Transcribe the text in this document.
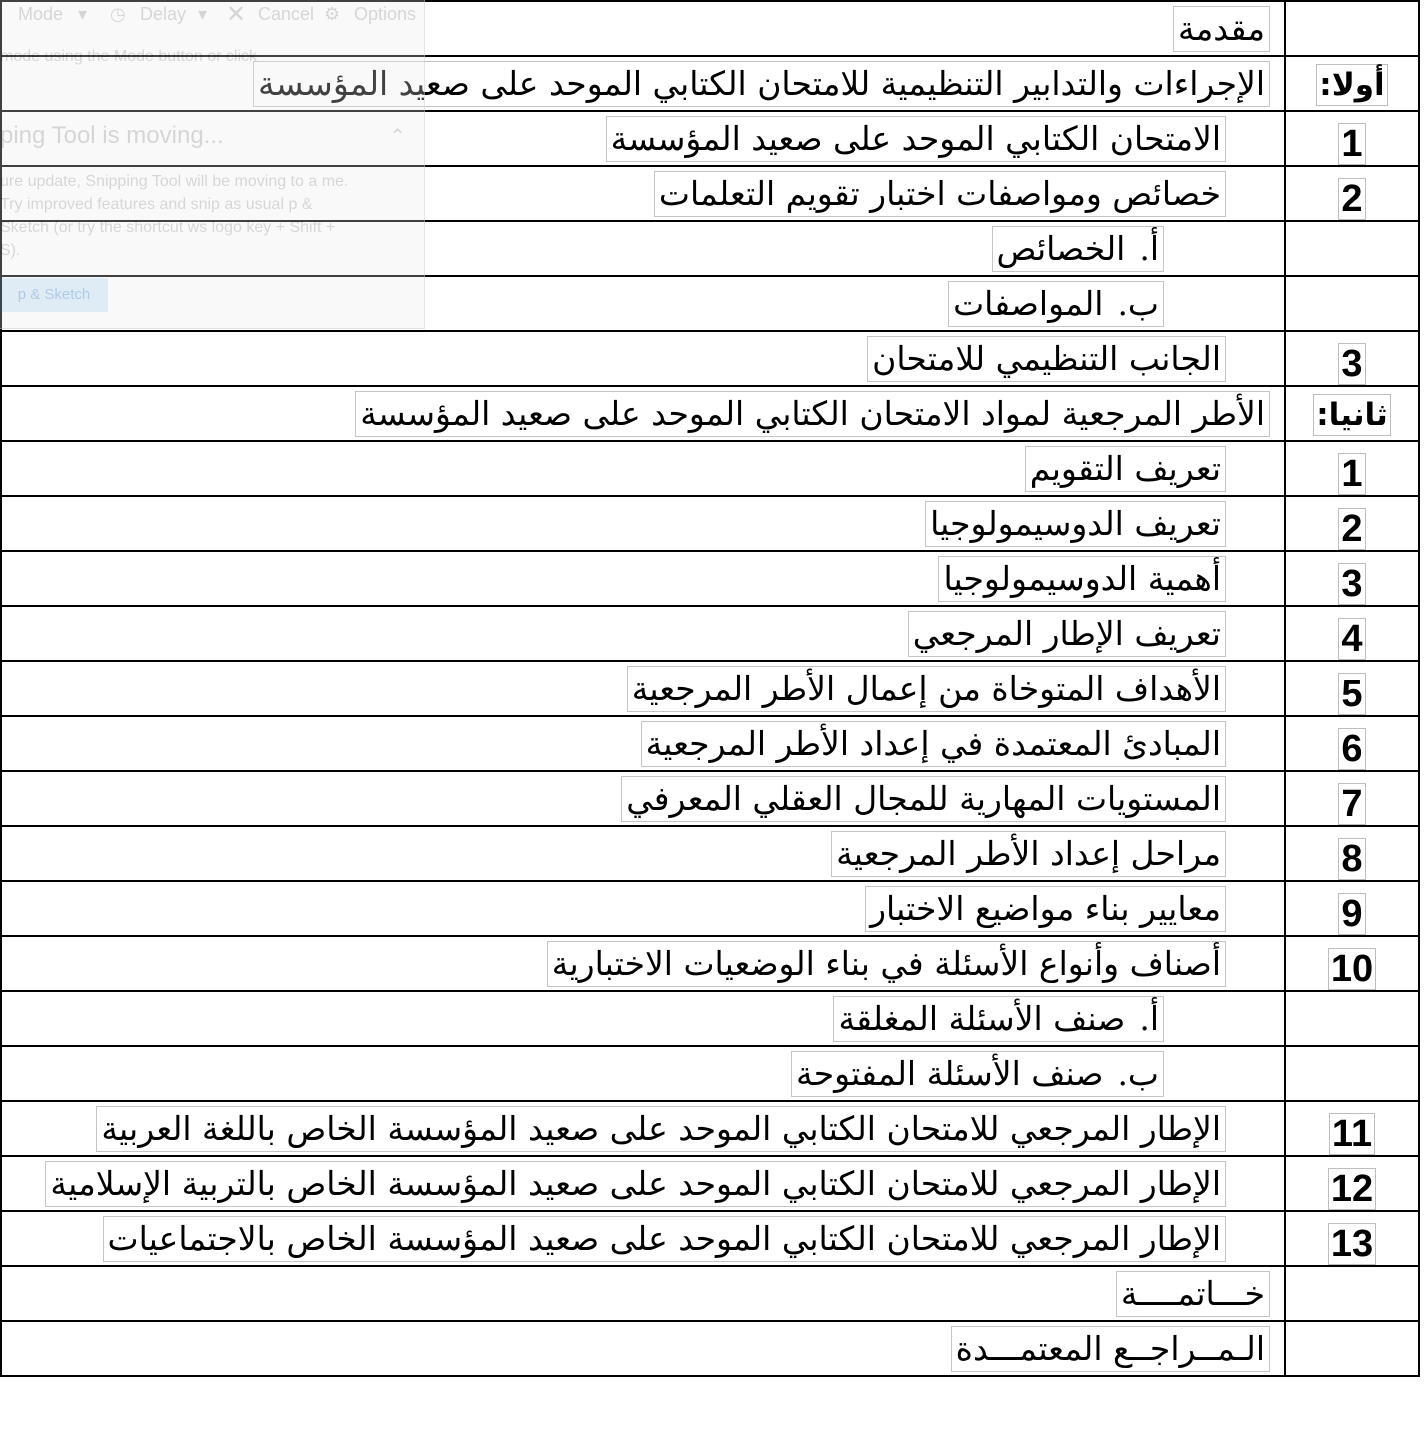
	مقدمة
أولا:	الإجراءات والتدابير التنظيمية للامتحان الكتابي الموحد على صعيد المؤسسة
1	الامتحان الكتابي الموحد على صعيد المؤسسة
2	خصائص ومواصفات اختبار تقويم التعلمات
	أ.الخصائص
	ب.المواصفات
3	الجانب التنظيمي للامتحان
ثانيا:	الأطر المرجعية لمواد الامتحان الكتابي الموحد على صعيد المؤسسة
1	تعريف التقويم
2	تعريف الدوسيمولوجيا
3	أهمية الدوسيمولوجيا
4	تعريف الإطار المرجعي
5	الأهداف المتوخاة من إعمال الأطر المرجعية
6	المبادئ المعتمدة في إعداد الأطر المرجعية
7	المستويات المهارية للمجال العقلي المعرفي
8	مراحل إعداد الأطر المرجعية
9	معايير بناء مواضيع الاختبار
10	أصناف وأنواع الأسئلة في بناء الوضعيات الاختبارية
	أ.صنف الأسئلة المغلقة
	ب.صنف الأسئلة المفتوحة
11	الإطار المرجعي للامتحان الكتابي الموحد على صعيد المؤسسة الخاص باللغة العربية
12	الإطار المرجعي للامتحان الكتابي الموحد على صعيد المؤسسة الخاص بالتربية الإسلامية
13	الإطار المرجعي للامتحان الكتابي الموحد على صعيد المؤسسة الخاص بالاجتماعيات
	خـــاتمــــة
	الـمــراجــع المعتمـــدة
Mode ▾ ◷ Delay ▾ ✕ Cancel ⚙ Options
mode using the Mode button or click
ping Tool is moving...	⌃
ure update, Snipping Tool will be moving to a me. Try improved features and snip as usual p & Sketch (or try the shortcut ws logo key + Shift + S).
p & Sketch
